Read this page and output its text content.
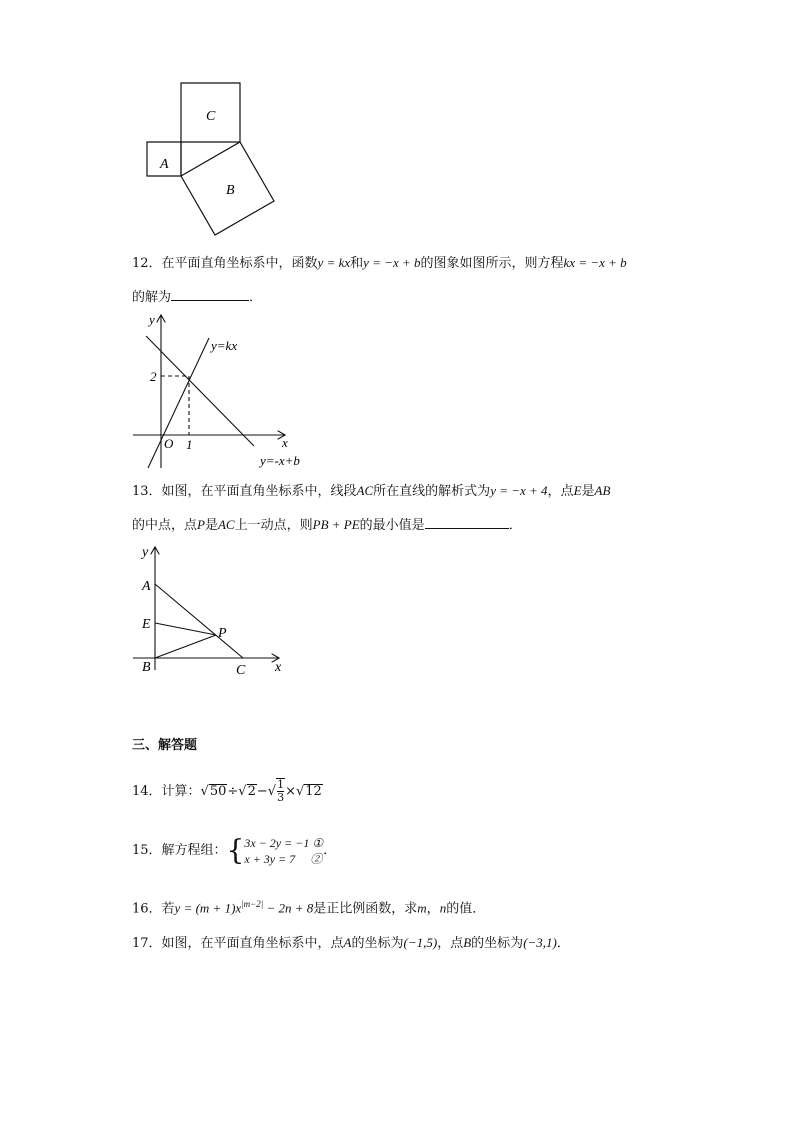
C
A
B
12．在平面直角坐标系中，函数y = kx和y = −x + b的图象如图所示，则方程kx = −x + b
的解为	．
y
x
O 1
2
y=kx
y=-x+b
13．如图，在平面直角坐标系中，线段AC所在直线的解析式为y = −x + 4，点E是AB
的中点，点P是AC上一动点，则PB + PE的最小值是	．
y
x
A
E
P
B	C
三、解答题
14．计算：$√50\div√2-√ \frac{1}{3} \times√12$
15．解方程组：{ 3x − 2y = −1 ①
x + 3y = 7　 ②
．
16．若$y = (m + 1)x^{|m-2|} - 2n + 8$是正比例函数，求m，n的值．
17．如图，在平面直角坐标系中，点A的坐标为(−1,5)，点B的坐标为(−3,1)．
